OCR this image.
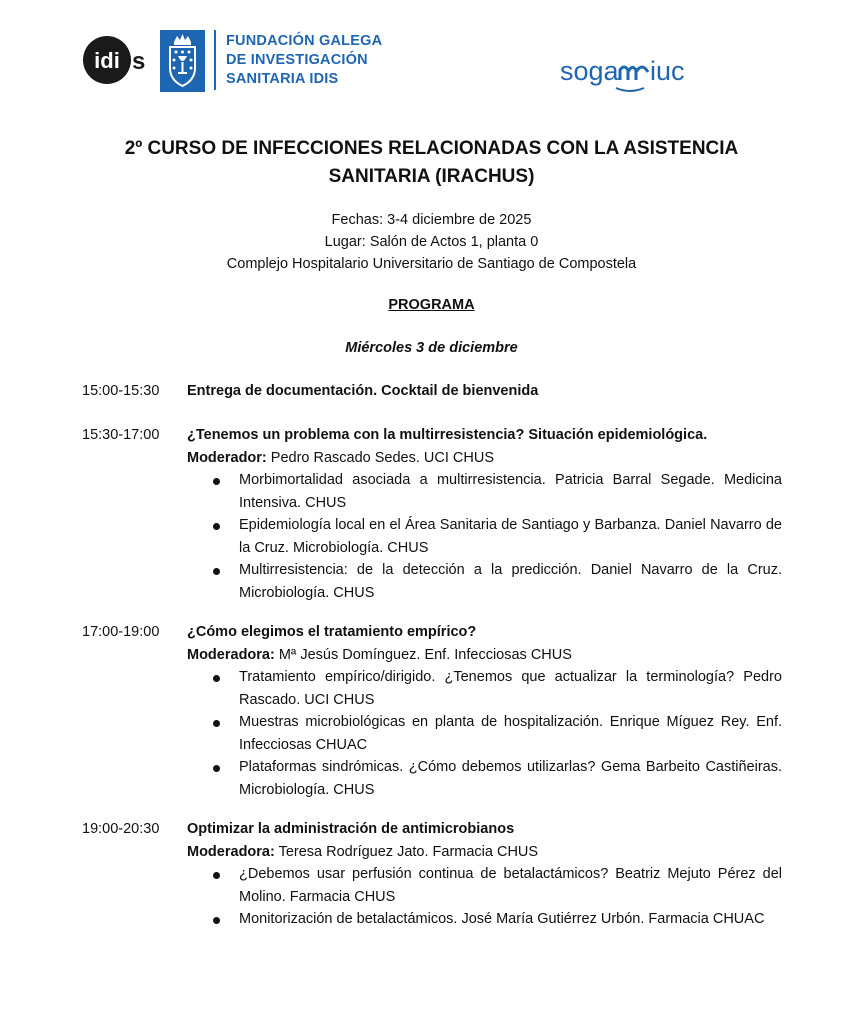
idi s
FUNDACIÓN GALEGA
DE INVESTIGACIÓN
SANITARIA IDIS	soga iuc
2º CURSO DE INFECCIONES RELACIONADAS CON LA ASISTENCIA
SANITARIA (IRACHUS)
Fechas: 3-4 diciembre de 2025
Lugar: Salón de Actos 1, planta 0
Complejo Hospitalario Universitario de Santiago de Compostela
PROGRAMA
Miércoles 3 de diciembre
15:00-15:30	Entrega de documentación. Cocktail de bienvenida
15:30-17:00	¿Tenemos un problema con la multirresistencia? Situación epidemiológica.
Moderador: Pedro Rascado Sedes. UCI CHUS
Morbimortalidad asociada a multirresistencia. Patricia Barral Segade. Medicina Intensiva. CHUS
Epidemiología local en el Área Sanitaria de Santiago y Barbanza. Daniel Navarro de la Cruz. Microbiología. CHUS
Multirresistencia: de la detección a la predicción. Daniel Navarro de la Cruz. Microbiología. CHUS
17:00-19:00	¿Cómo elegimos el tratamiento empírico?
Moderadora: Mª Jesús Domínguez. Enf. Infecciosas CHUS
Tratamiento empírico/dirigido. ¿Tenemos que actualizar la terminología? Pedro Rascado. UCI CHUS
Muestras microbiológicas en planta de hospitalización. Enrique Míguez Rey. Enf. Infecciosas CHUAC
Plataformas sindrómicas. ¿Cómo debemos utilizarlas? Gema Barbeito Castiñeiras. Microbiología. CHUS
19:00-20:30	Optimizar la administración de antimicrobianos
Moderadora: Teresa Rodríguez Jato. Farmacia CHUS
¿Debemos usar perfusión continua de betalactámicos? Beatriz Mejuto Pérez del Molino. Farmacia CHUS
Monitorización de betalactámicos. José María Gutiérrez Urbón. Farmacia CHUAC
